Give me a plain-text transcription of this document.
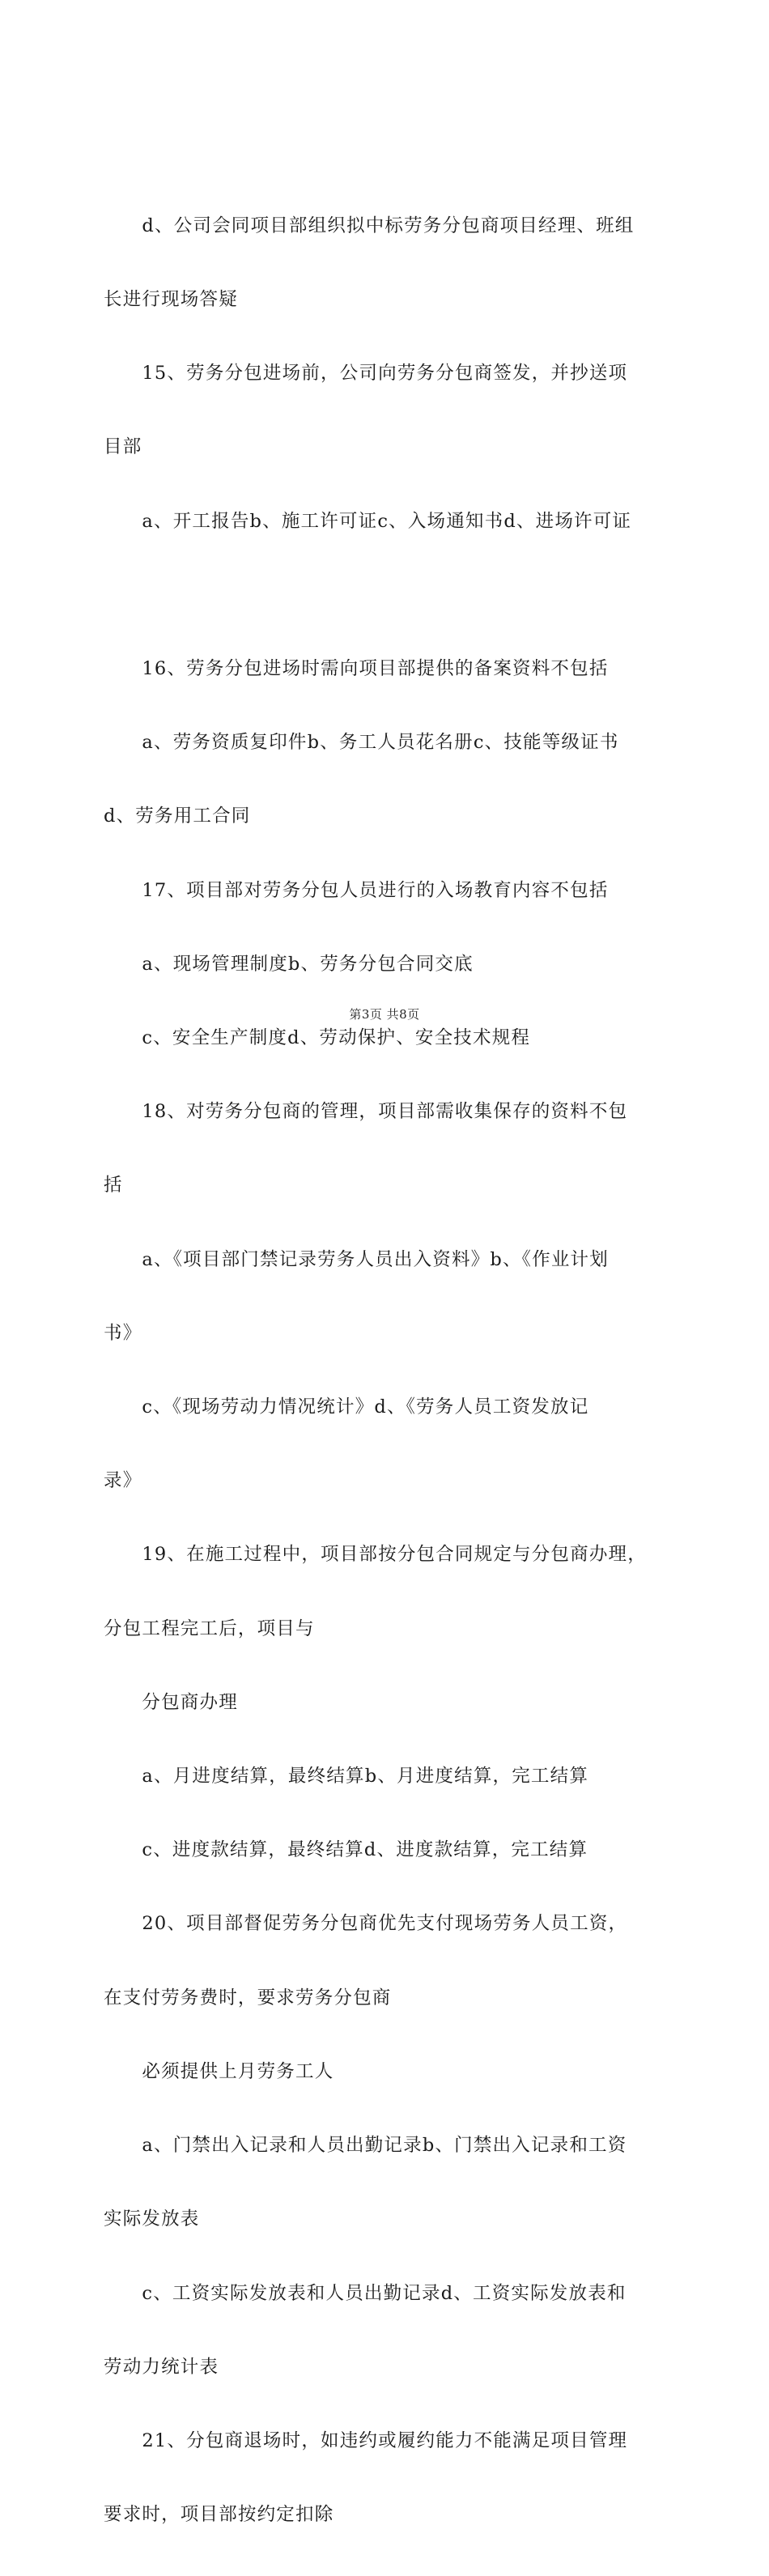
　　d、公司会同项目部组织拟中标劳务分包商项目经理、班组

长进行现场答疑

　　15、劳务分包进场前，公司向劳务分包商签发，并抄送项

目部

　　a、开工报告b、施工许可证c、入场通知书d、进场许可证

　　16、劳务分包进场时需向项目部提供的备案资料不包括

　　a、劳务资质复印件b、务工人员花名册c、技能等级证书

d、劳务用工合同

　　17、项目部对劳务分包人员进行的入场教育内容不包括

　　a、现场管理制度b、劳务分包合同交底

　　c、安全生产制度d、劳动保护、安全技术规程

　　18、对劳务分包商的管理，项目部需收集保存的资料不包

括

　　a、《项目部门禁记录劳务人员出入资料》b、《作业计划

书》

　　c、《现场劳动力情况统计》d、《劳务人员工资发放记

录》

　　19、在施工过程中，项目部按分包合同规定与分包商办理，

分包工程完工后，项目与

　　分包商办理

　　a、月进度结算，最终结算b、月进度结算，完工结算

　　c、进度款结算，最终结算d、进度款结算，完工结算

　　20、项目部督促劳务分包商优先支付现场劳务人员工资，

在支付劳务费时，要求劳务分包商

　　必须提供上月劳务工人

　　a、门禁出入记录和人员出勤记录b、门禁出入记录和工资

实际发放表

　　c、工资实际发放表和人员出勤记录d、工资实际发放表和

劳动力统计表

　　21、分包商退场时，如违约或履约能力不能满足项目管理

要求时，项目部按约定扣除

第3页 共8页
